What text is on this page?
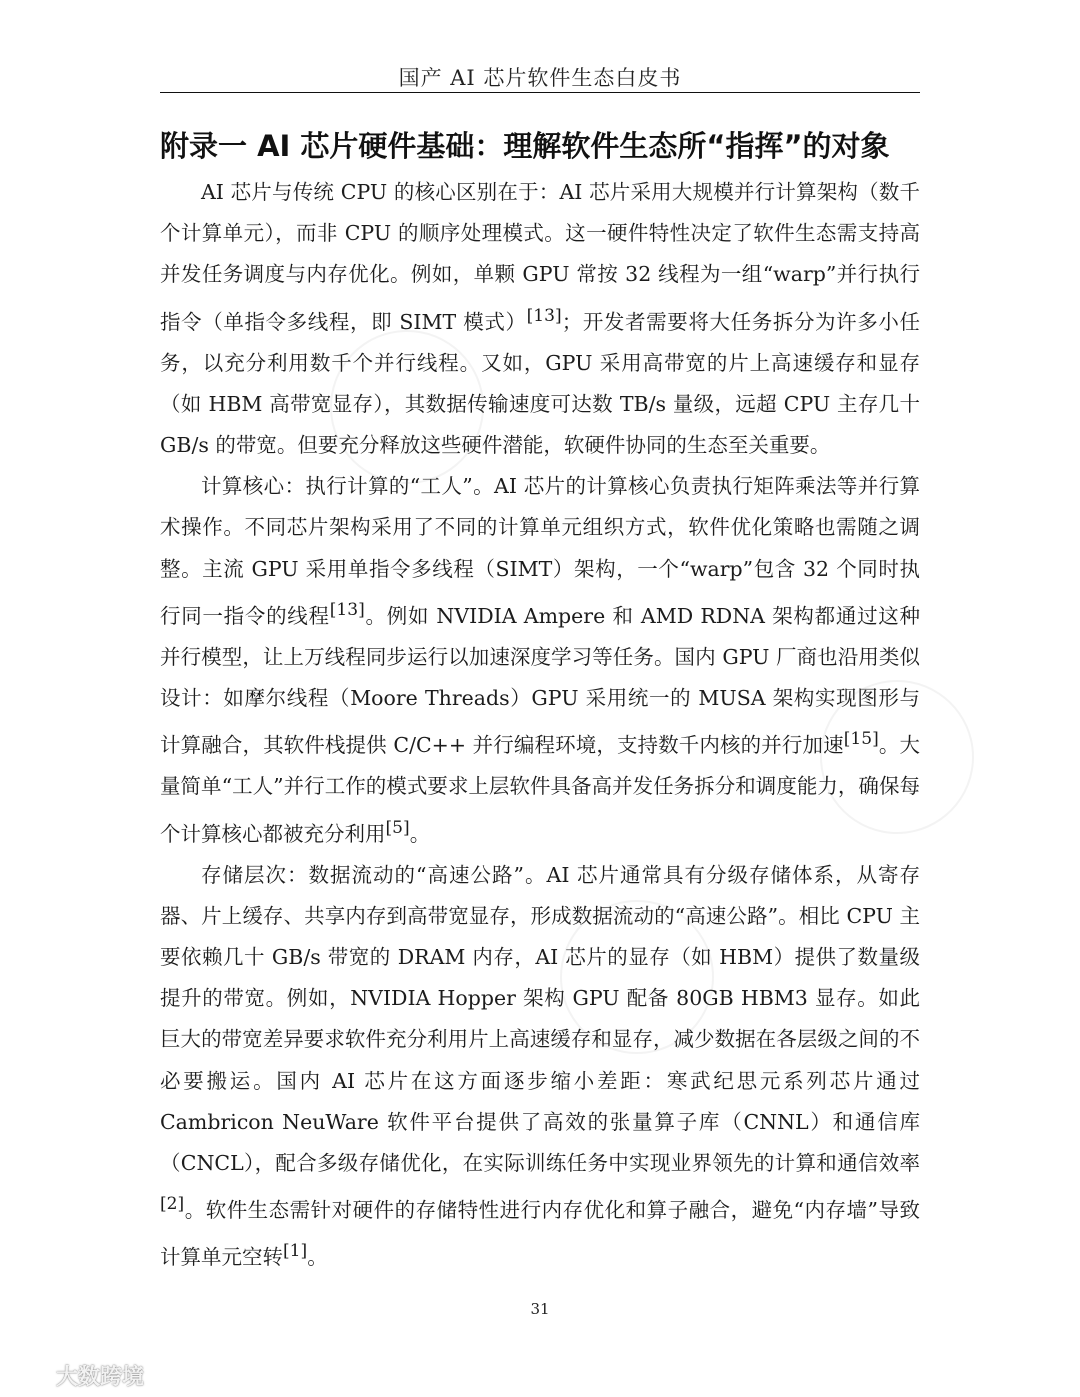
国产 AI 芯片软件生态白皮书
附录一 AI 芯片硬件基础：理解软件生态所“指挥”的对象

AI 芯片与传统 CPU 的核心区别在于：AI 芯片采用大规模并行计算架构（数千个计算单元），而非 CPU 的顺序处理模式。这一硬件特性决定了软件生态需支持高并发任务调度与内存优化。例如，单颗 GPU 常按 32 线程为一组“warp”并行执行指令（单指令多线程，即 SIMT 模式）[13]；开发者需要将大任务拆分为许多小任务，以充分利用数千个并行线程。又如，GPU 采用高带宽的片上高速缓存和显存（如 HBM 高带宽显存），其数据传输速度可达数 TB/s 量级，远超 CPU 主存几十 GB/s 的带宽。但要充分释放这些硬件潜能，软硬件协同的生态至关重要。

计算核心：执行计算的“工人”。AI 芯片的计算核心负责执行矩阵乘法等并行算术操作。不同芯片架构采用了不同的计算单元组织方式，软件优化策略也需随之调整。主流 GPU 采用单指令多线程（SIMT）架构，一个“warp”包含 32 个同时执行同一指令的线程[13]。例如 NVIDIA Ampere 和 AMD RDNA 架构都通过这种并行模型，让上万线程同步运行以加速深度学习等任务。国内 GPU 厂商也沿用类似设计：如摩尔线程（Moore Threads）GPU 采用统一的 MUSA 架构实现图形与计算融合，其软件栈提供 C/C++ 并行编程环境，支持数千内核的并行加速[15]。大量简单“工人”并行工作的模式要求上层软件具备高并发任务拆分和调度能力，确保每个计算核心都被充分利用[5]。

存储层次：数据流动的“高速公路”。AI 芯片通常具有分级存储体系，从寄存器、片上缓存、共享内存到高带宽显存，形成数据流动的“高速公路”。相比 CPU 主要依赖几十 GB/s 带宽的 DRAM 内存，AI 芯片的显存（如 HBM）提供了数量级提升的带宽。例如，NVIDIA Hopper 架构 GPU 配备 80GB HBM3 显存。如此巨大的带宽差异要求软件充分利用片上高速缓存和显存，减少数据在各层级之间的不必要搬运。国内 AI 芯片在这方面逐步缩小差距：寒武纪思元系列芯片通过 Cambricon NeuWare 软件平台提供了高效的张量算子库（CNNL）和通信库（CNCL），配合多级存储优化，在实际训练任务中实现业界领先的计算和通信效率[2]。软件生态需针对硬件的存储特性进行内存优化和算子融合，避免“内存墙”导致计算单元空转[1]。

31
大数跨境
